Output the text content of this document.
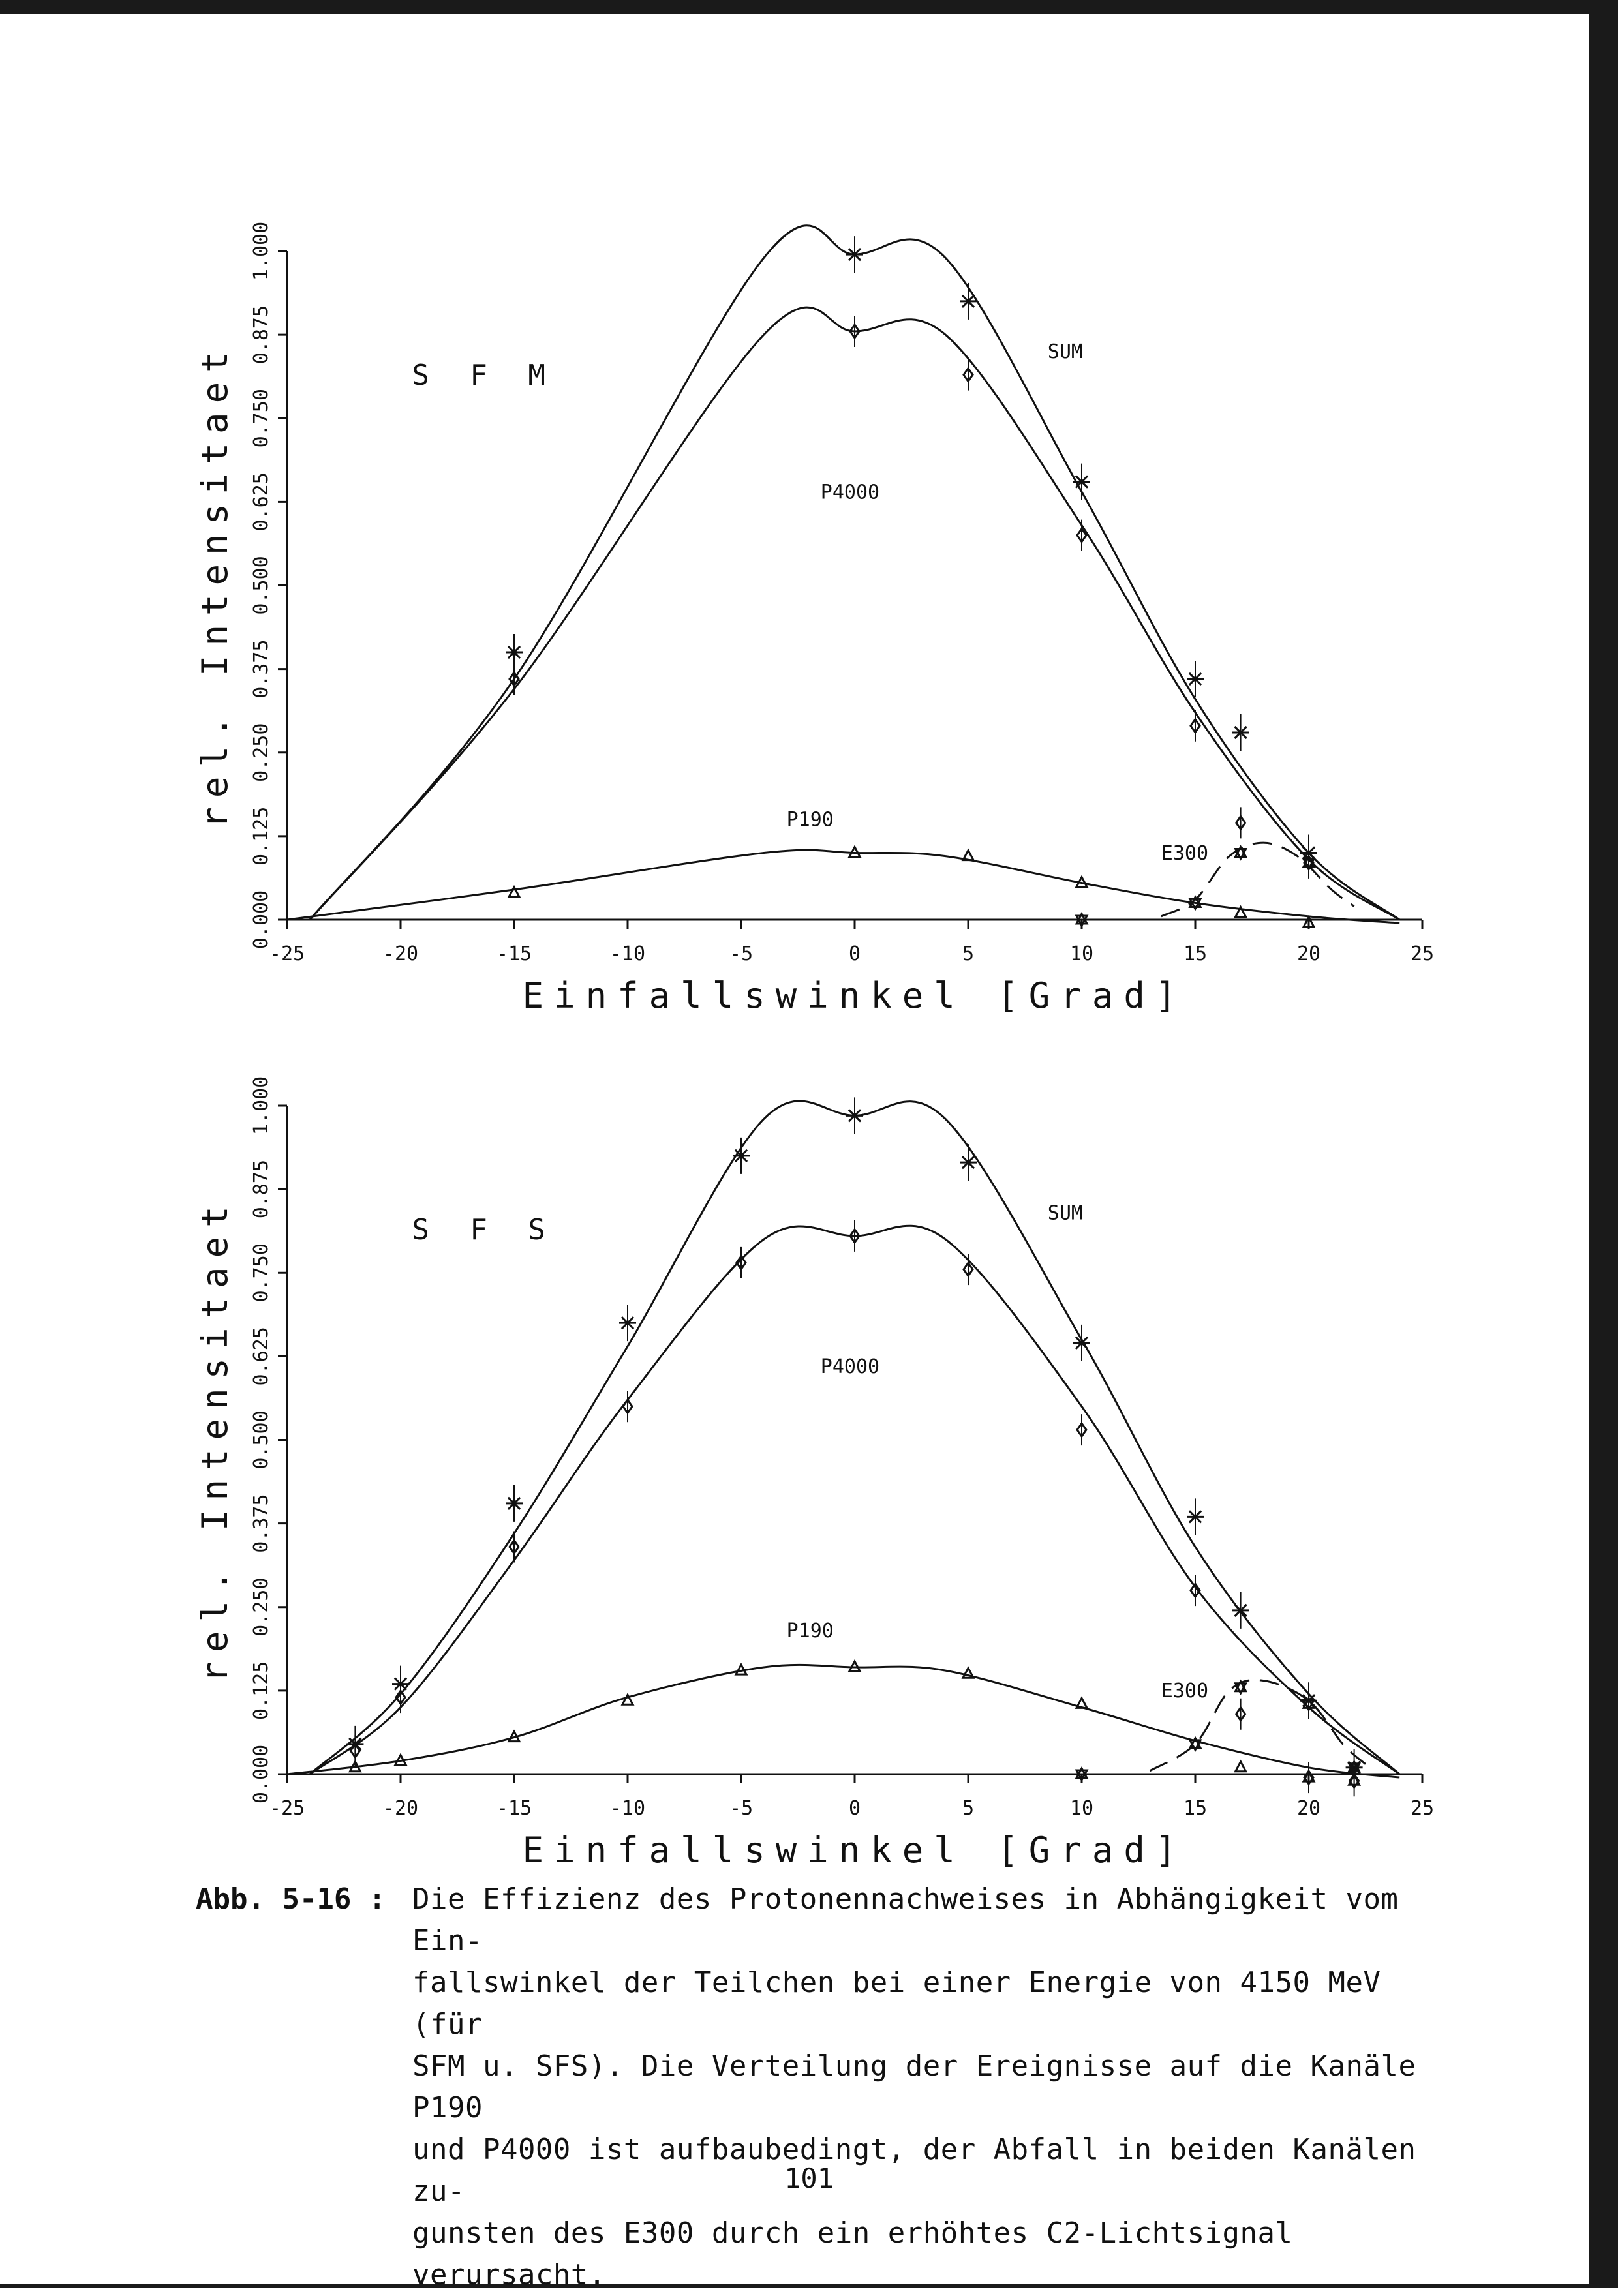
-25	-20	-15	-10	-5	0	5	10	15	20	25
0.000
0.125
0.250
0.375
0.500
0.625
0.750
0.875
1.000
Einfallswinkel [Grad]
rel. Intensitaet	S F M
SUM
P4000
P190
E300
-25	-20	-15	-10	-5	0	5	10	15	20	25
0.000
0.125
0.250
0.375
0.500
0.625
0.750
0.875
1.000
Einfallswinkel [Grad]
rel. Intensitaet	S F S
SUM
P4000
P190
E300
Abb. 5-16 : Die Effizienz des Protonennachweises in Abhängigkeit vom Ein-
fallswinkel der Teilchen bei einer Energie von 4150 MeV (für
SFM u. SFS). Die Verteilung der Ereignisse auf die Kanäle P190
und P4000 ist aufbaubedingt, der Abfall in beiden Kanälen zu-
gunsten des E300 durch ein erhöhtes C2-Lichtsignal verursacht.
101
